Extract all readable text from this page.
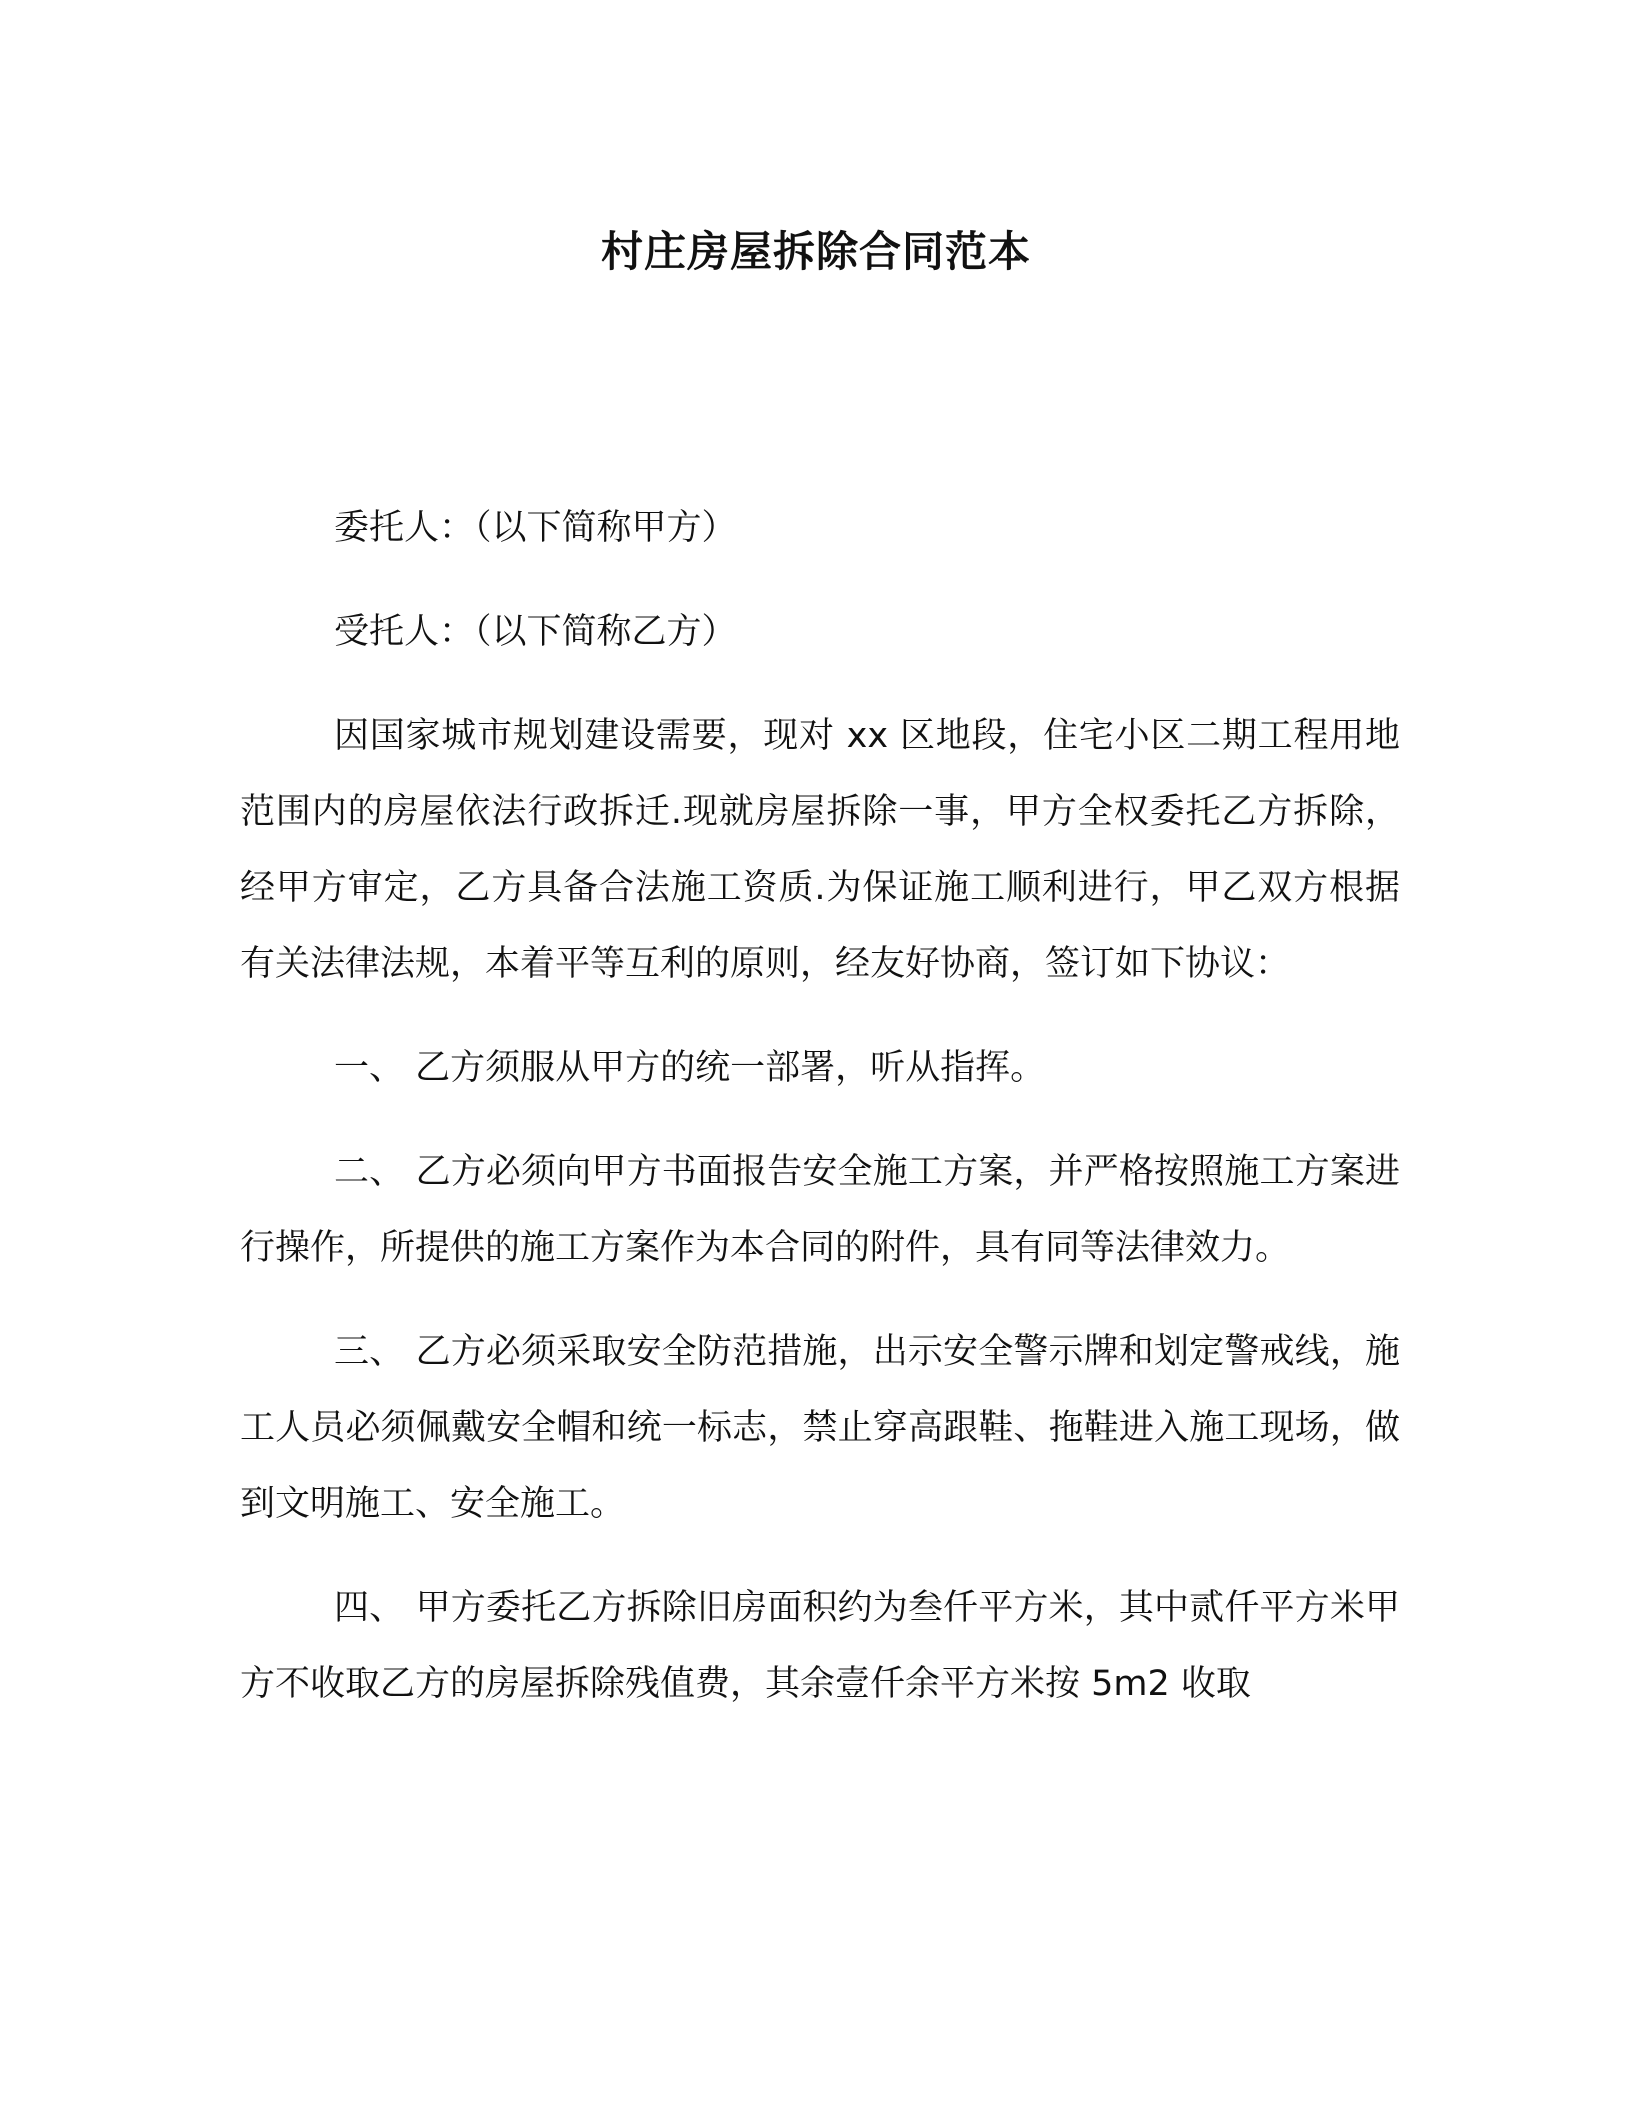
村庄房屋拆除合同范本

委托人：（以下简称甲方）

受托人：（以下简称乙方）

因国家城市规划建设需要，现对 xx 区地段，住宅小区二期工程用地范围内的房屋依法行政拆迁.现就房屋拆除一事，甲方全权委托乙方拆除，经甲方审定，乙方具备合法施工资质.为保证施工顺利进行，甲乙双方根据有关法律法规，本着平等互利的原则，经友好协商，签订如下协议：

一、 乙方须服从甲方的统一部署，听从指挥。

二、 乙方必须向甲方书面报告安全施工方案，并严格按照施工方案进行操作，所提供的施工方案作为本合同的附件，具有同等法律效力。

三、 乙方必须采取安全防范措施，出示安全警示牌和划定警戒线，施工人员必须佩戴安全帽和统一标志，禁止穿高跟鞋、拖鞋进入施工现场，做到文明施工、安全施工。

四、 甲方委托乙方拆除旧房面积约为叁仟平方米，其中贰仟平方米甲方不收取乙方的房屋拆除残值费，其余壹仟余平方米按 5m2 收取
